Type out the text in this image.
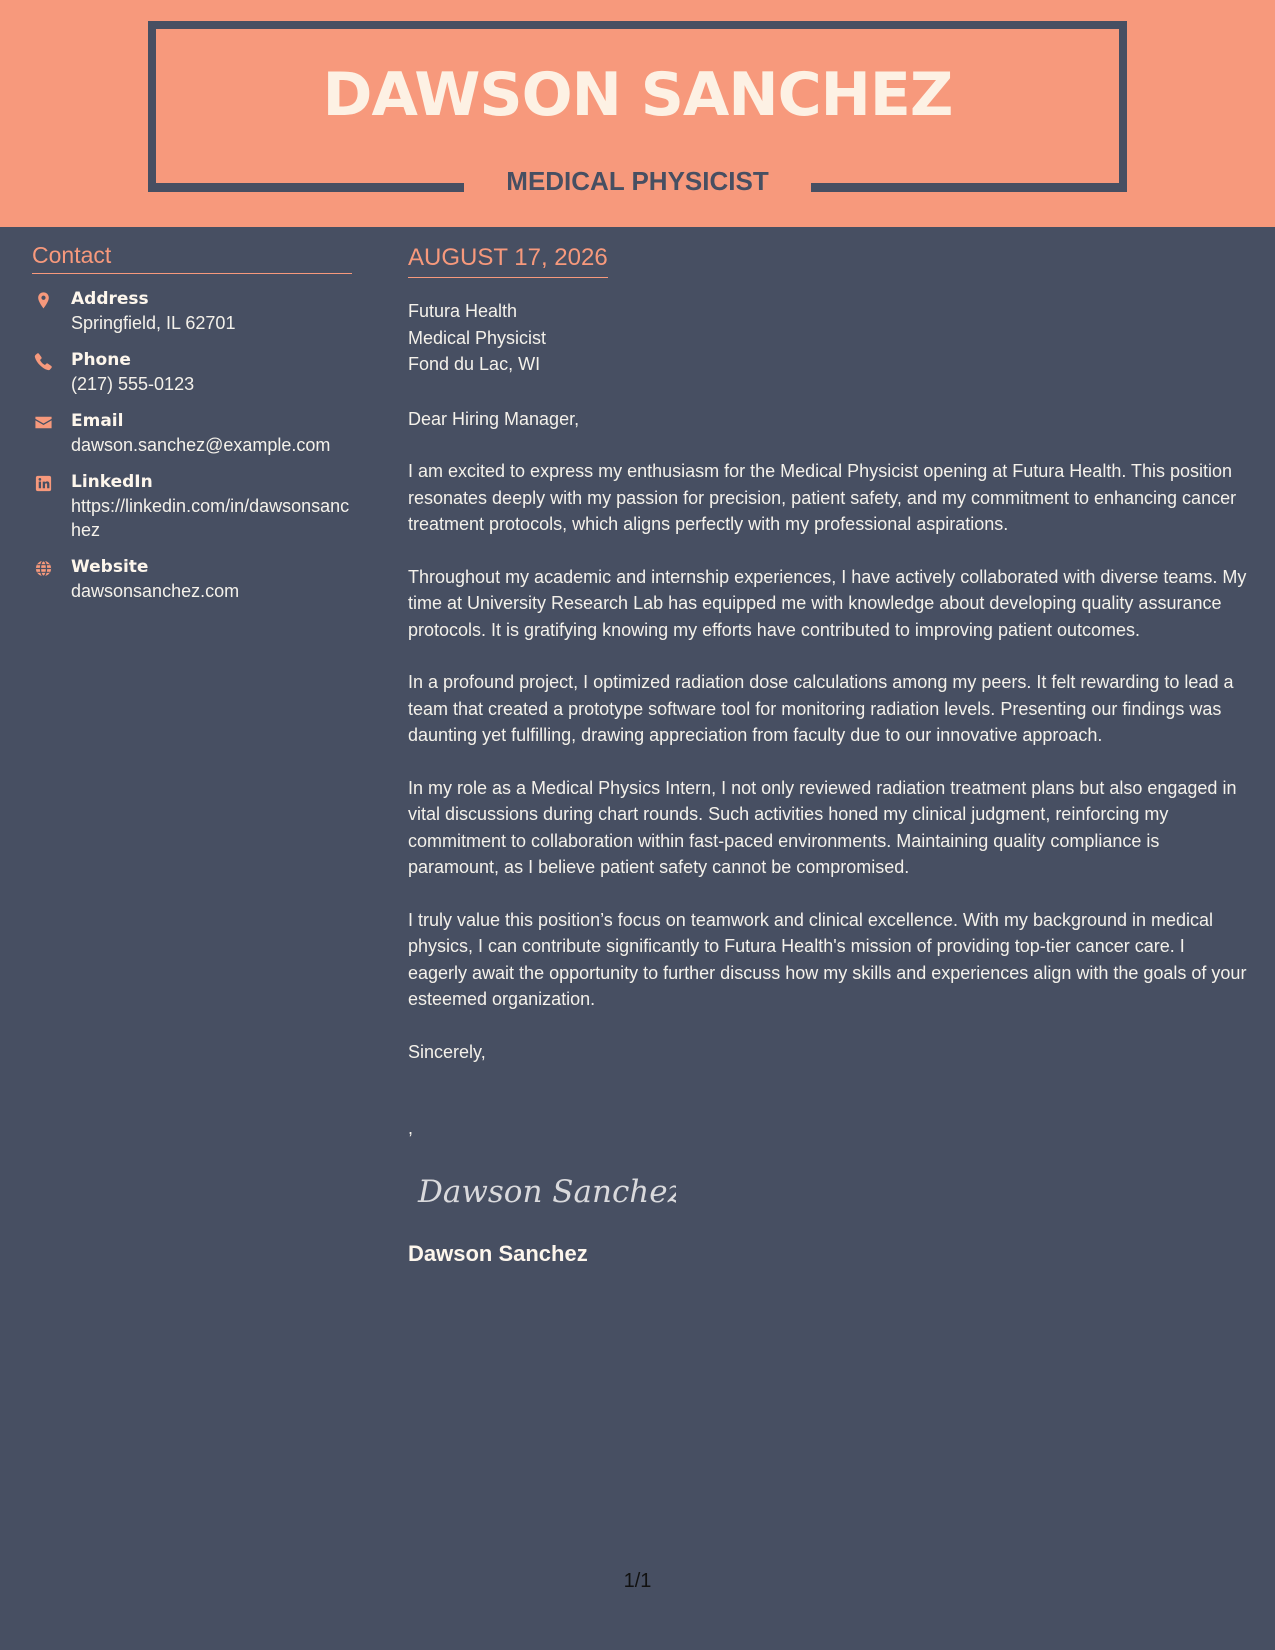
DAWSON SANCHEZ
MEDICAL PHYSICIST
Contact
Address
Springfield, IL 62701
Phone
(217) 555-0123
Email
dawson.sanchez@example.com
LinkedIn
https://linkedin.com/in/dawsonsanchez
Website
dawsonsanchez.com
AUGUST 17, 2026
Futura Health
Medical Physicist
Fond du Lac, WI
Dear Hiring Manager,
I am excited to express my enthusiasm for the Medical Physicist opening at Futura Health. This position resonates deeply with my passion for precision, patient safety, and my commitment to enhancing cancer treatment protocols, which aligns perfectly with my professional aspirations.
Throughout my academic and internship experiences, I have actively collaborated with diverse teams. My time at University Research Lab has equipped me with knowledge about developing quality assurance protocols. It is gratifying knowing my efforts have contributed to improving patient outcomes.
In a profound project, I optimized radiation dose calculations among my peers. It felt rewarding to lead a team that created a prototype software tool for monitoring radiation levels. Presenting our findings was daunting yet fulfilling, drawing appreciation from faculty due to our innovative approach.
In my role as a Medical Physics Intern, I not only reviewed radiation treatment plans but also engaged in vital discussions during chart rounds. Such activities honed my clinical judgment, reinforcing my commitment to collaboration within fast-paced environments. Maintaining quality compliance is paramount, as I believe patient safety cannot be compromised.
I truly value this position’s focus on teamwork and clinical excellence. With my background in medical physics, I can contribute significantly to Futura Health's mission of providing top-tier cancer care. I eagerly await the opportunity to further discuss how my skills and experiences align with the goals of your esteemed organization.
Sincerely,
,
Dawson Sanchez
Dawson Sanchez
1/1
